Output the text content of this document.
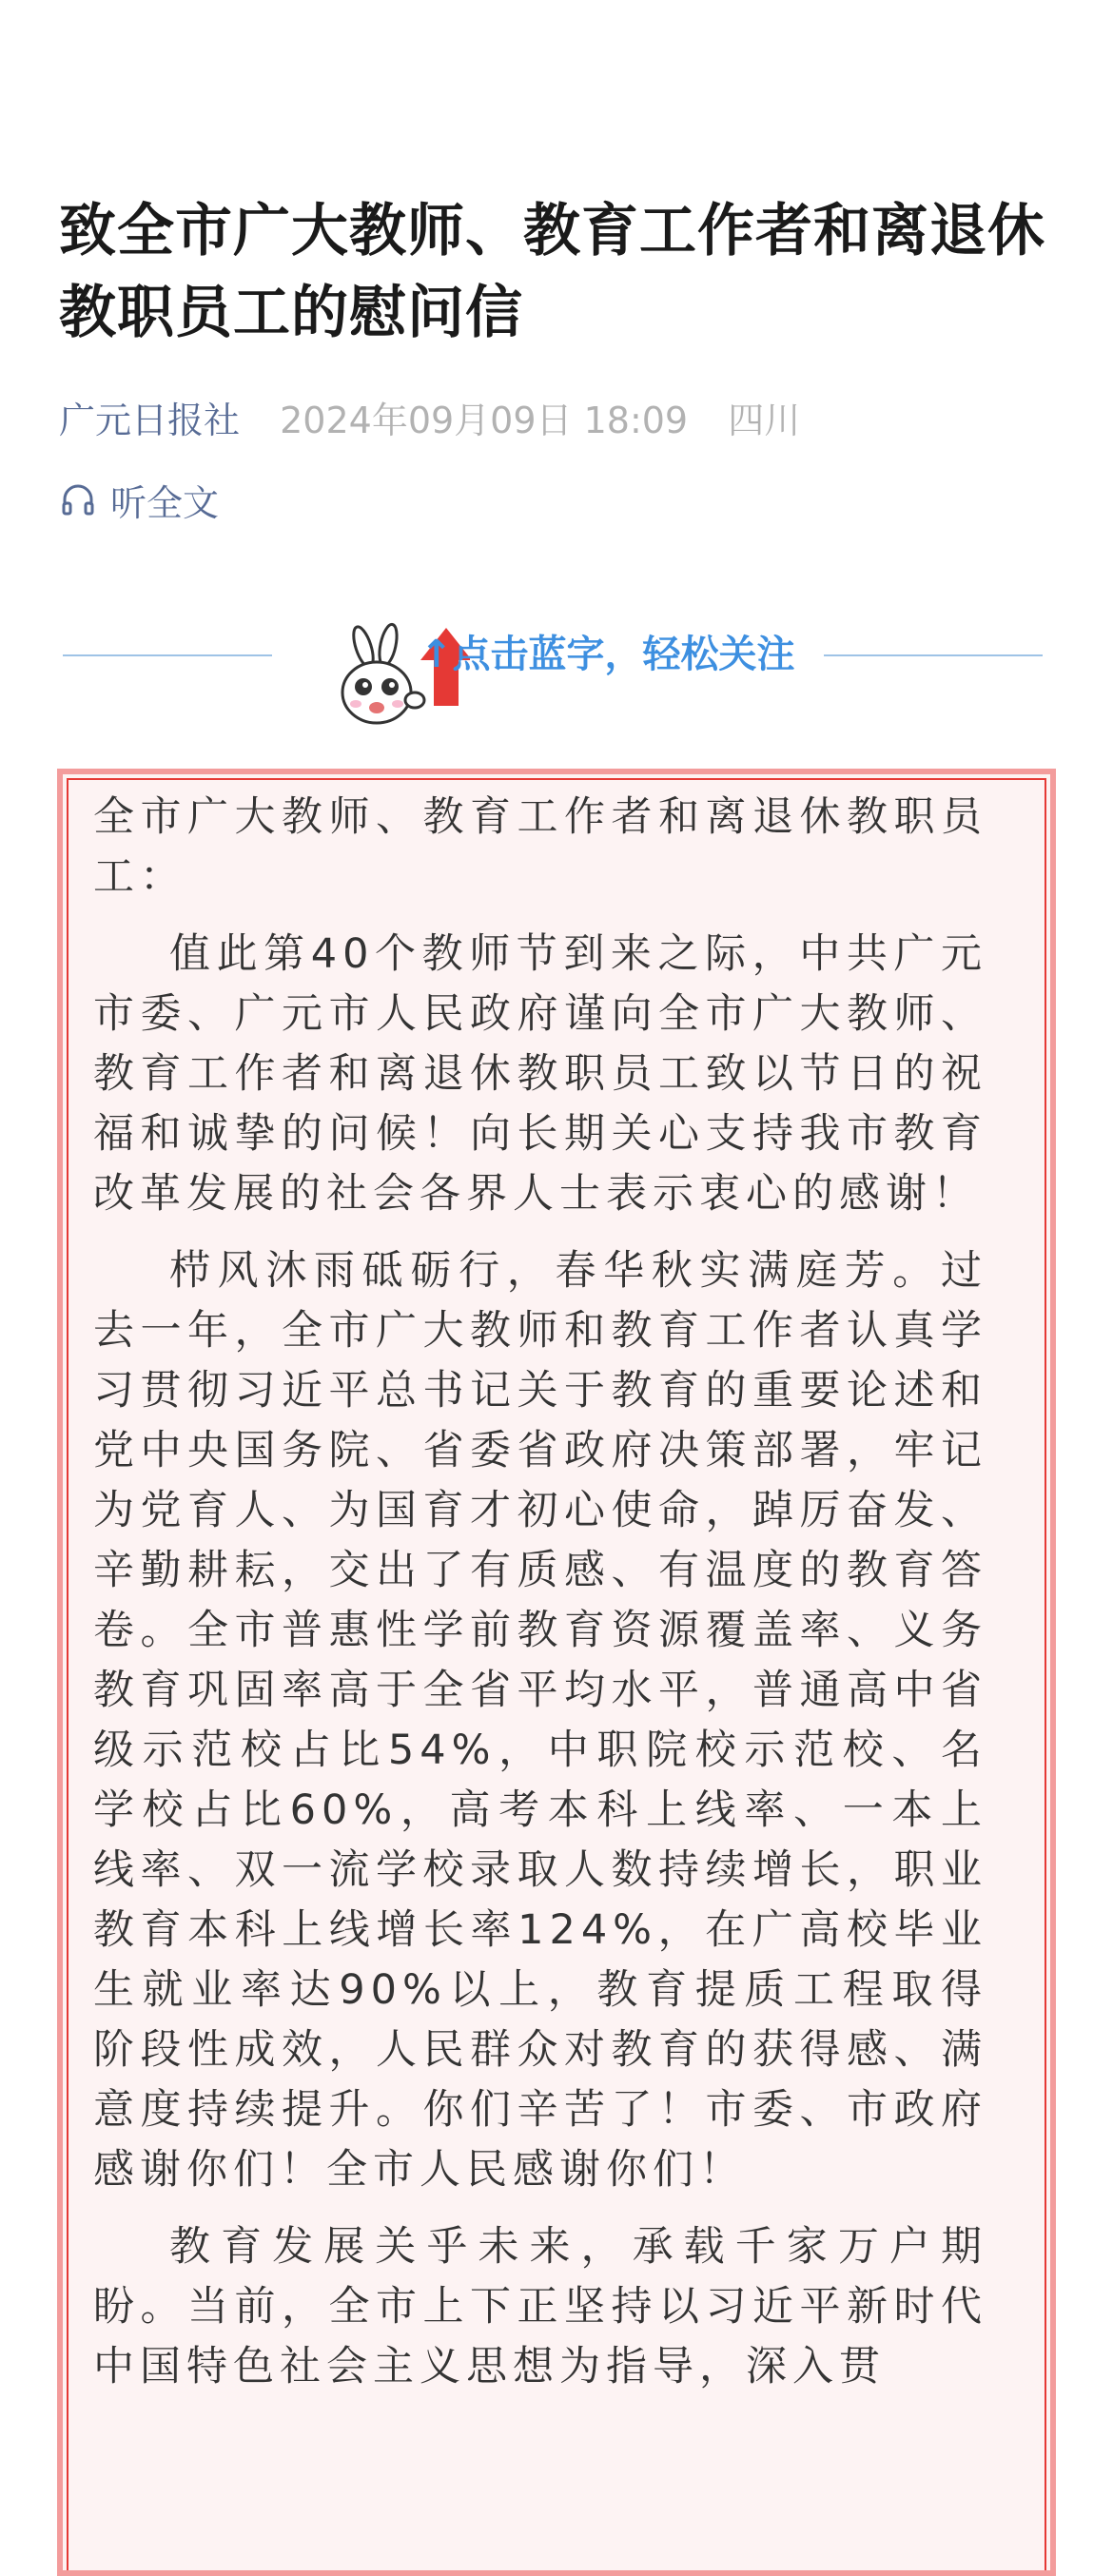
致全市广大教师、教育工作者和离退休教职员工的慰问信
广元日报社 2024年09月09日 18:09 四川
听全文
↑点击蓝字，轻松关注

全市广大教师、教育工作者和离退休教职员工：

值此第40个教师节到来之际，中共广元市委、广元市人民政府谨向全市广大教师、教育工作者和离退休教职员工致以节日的祝福和诚挚的问候！向长期关心支持我市教育改革发展的社会各界人士表示衷心的感谢！

栉风沐雨砥砺行，春华秋实满庭芳。过去一年，全市广大教师和教育工作者认真学习贯彻习近平总书记关于教育的重要论述和党中央国务院、省委省政府决策部署，牢记为党育人、为国育才初心使命，踔厉奋发、辛勤耕耘，交出了有质感、有温度的教育答卷。全市普惠性学前教育资源覆盖率、义务教育巩固率高于全省平均水平，普通高中省级示范校占比54%，中职院校示范校、名学校占比60%，高考本科上线率、一本上线率、双一流学校录取人数持续增长，职业教育本科上线增长率124%，在广高校毕业生就业率达90%以上，教育提质工程取得阶段性成效，人民群众对教育的获得感、满意度持续提升。你们辛苦了！市委、市政府感谢你们！全市人民感谢你们！

教育发展关乎未来，承载千家万户期盼。当前，全市上下正坚持以习近平新时代中国特色社会主义思想为指导，深入贯
